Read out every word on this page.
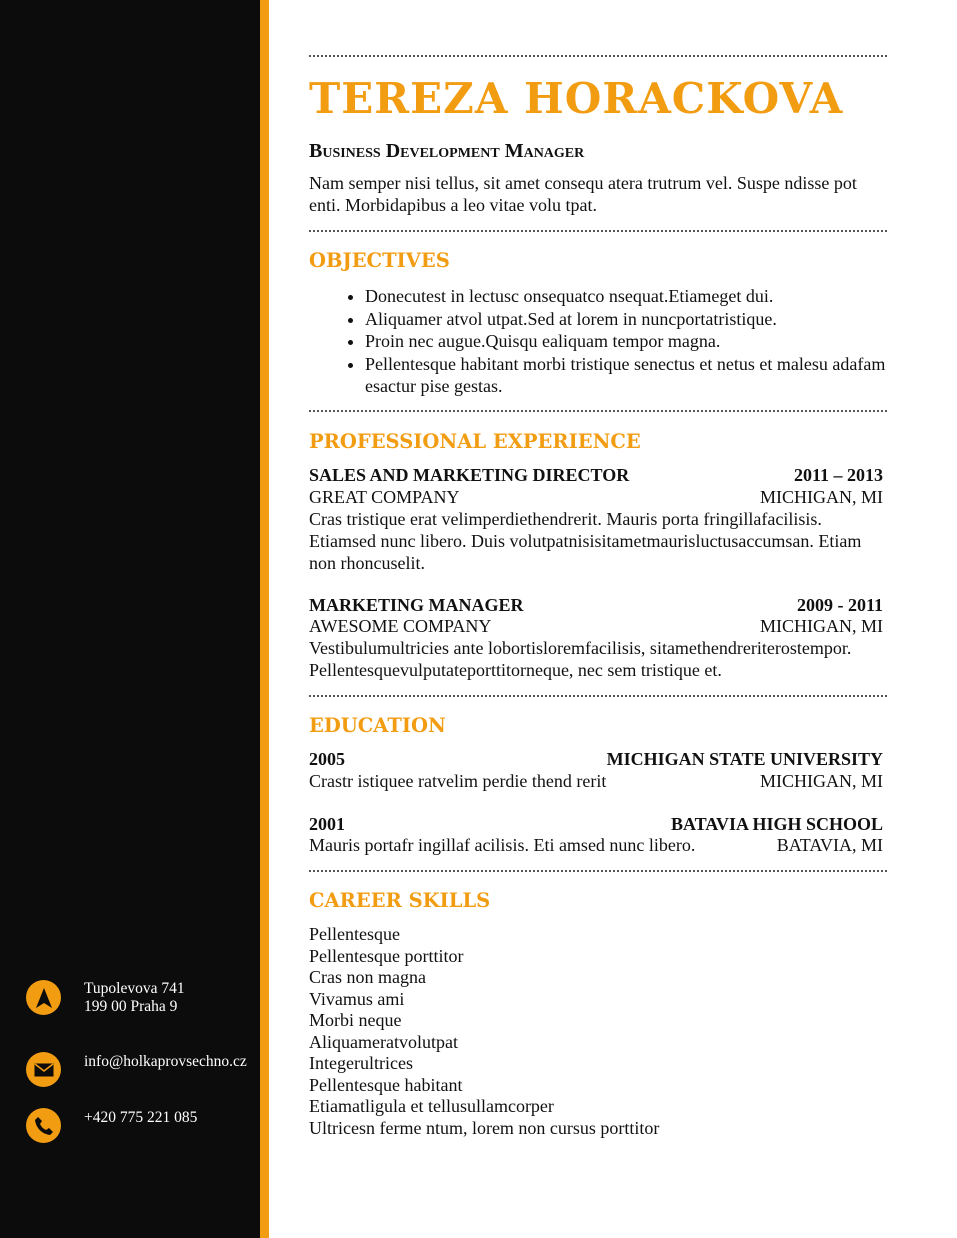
Tupolevova 741
199 00 Praha 9
info@holkaprovsechno.cz
+420 775 221 085
TEREZA HORACKOVA
Business Development Manager
Nam semper nisi tellus, sit amet consequ atera trutrum vel. Suspe ndisse pot enti. Morbidapibus a leo vitae volu tpat.
OBJECTIVES
• Donecutest in lectusc onsequatco nsequat.Etiameget dui.
• Aliquamer atvol utpat.Sed at lorem in nuncportatristique.
• Proin nec augue.Quisqu ealiquam tempor magna.
• Pellentesque habitant morbi tristique senectus et netus et malesu adafam esactur pise gestas.
PROFESSIONAL EXPERIENCE
SALES AND MARKETING DIRECTOR	2011 – 2013
GREAT COMPANY	MICHIGAN, MI
Cras tristique erat velimperdiethendrerit. Mauris porta fringillafacilisis. Etiamsed nunc libero. Duis volutpatnisisitametmaurisluctusaccumsan. Etiam non rhoncuselit.
MARKETING MANAGER	2009 - 2011
AWESOME COMPANY	MICHIGAN, MI
Vestibulumultricies ante lobortisloremfacilisis, sitamethendreriterostempor. Pellentesquevulputateporttitorneque, nec sem tristique et.
EDUCATION
2005	MICHIGAN STATE UNIVERSITY
Crastr istiquee ratvelim perdie thend rerit	MICHIGAN, MI
2001	BATAVIA HIGH SCHOOL
Mauris portafr ingillaf acilisis. Eti amsed nunc libero.	BATAVIA, MI
CAREER SKILLS
Pellentesque
Pellentesque porttitor
Cras non magna
Vivamus ami
Morbi neque
Aliquameratvolutpat
Integerultrices
Pellentesque habitant
Etiamatligula et tellusullamcorper
Ultricesn ferme ntum, lorem non cursus porttitor
